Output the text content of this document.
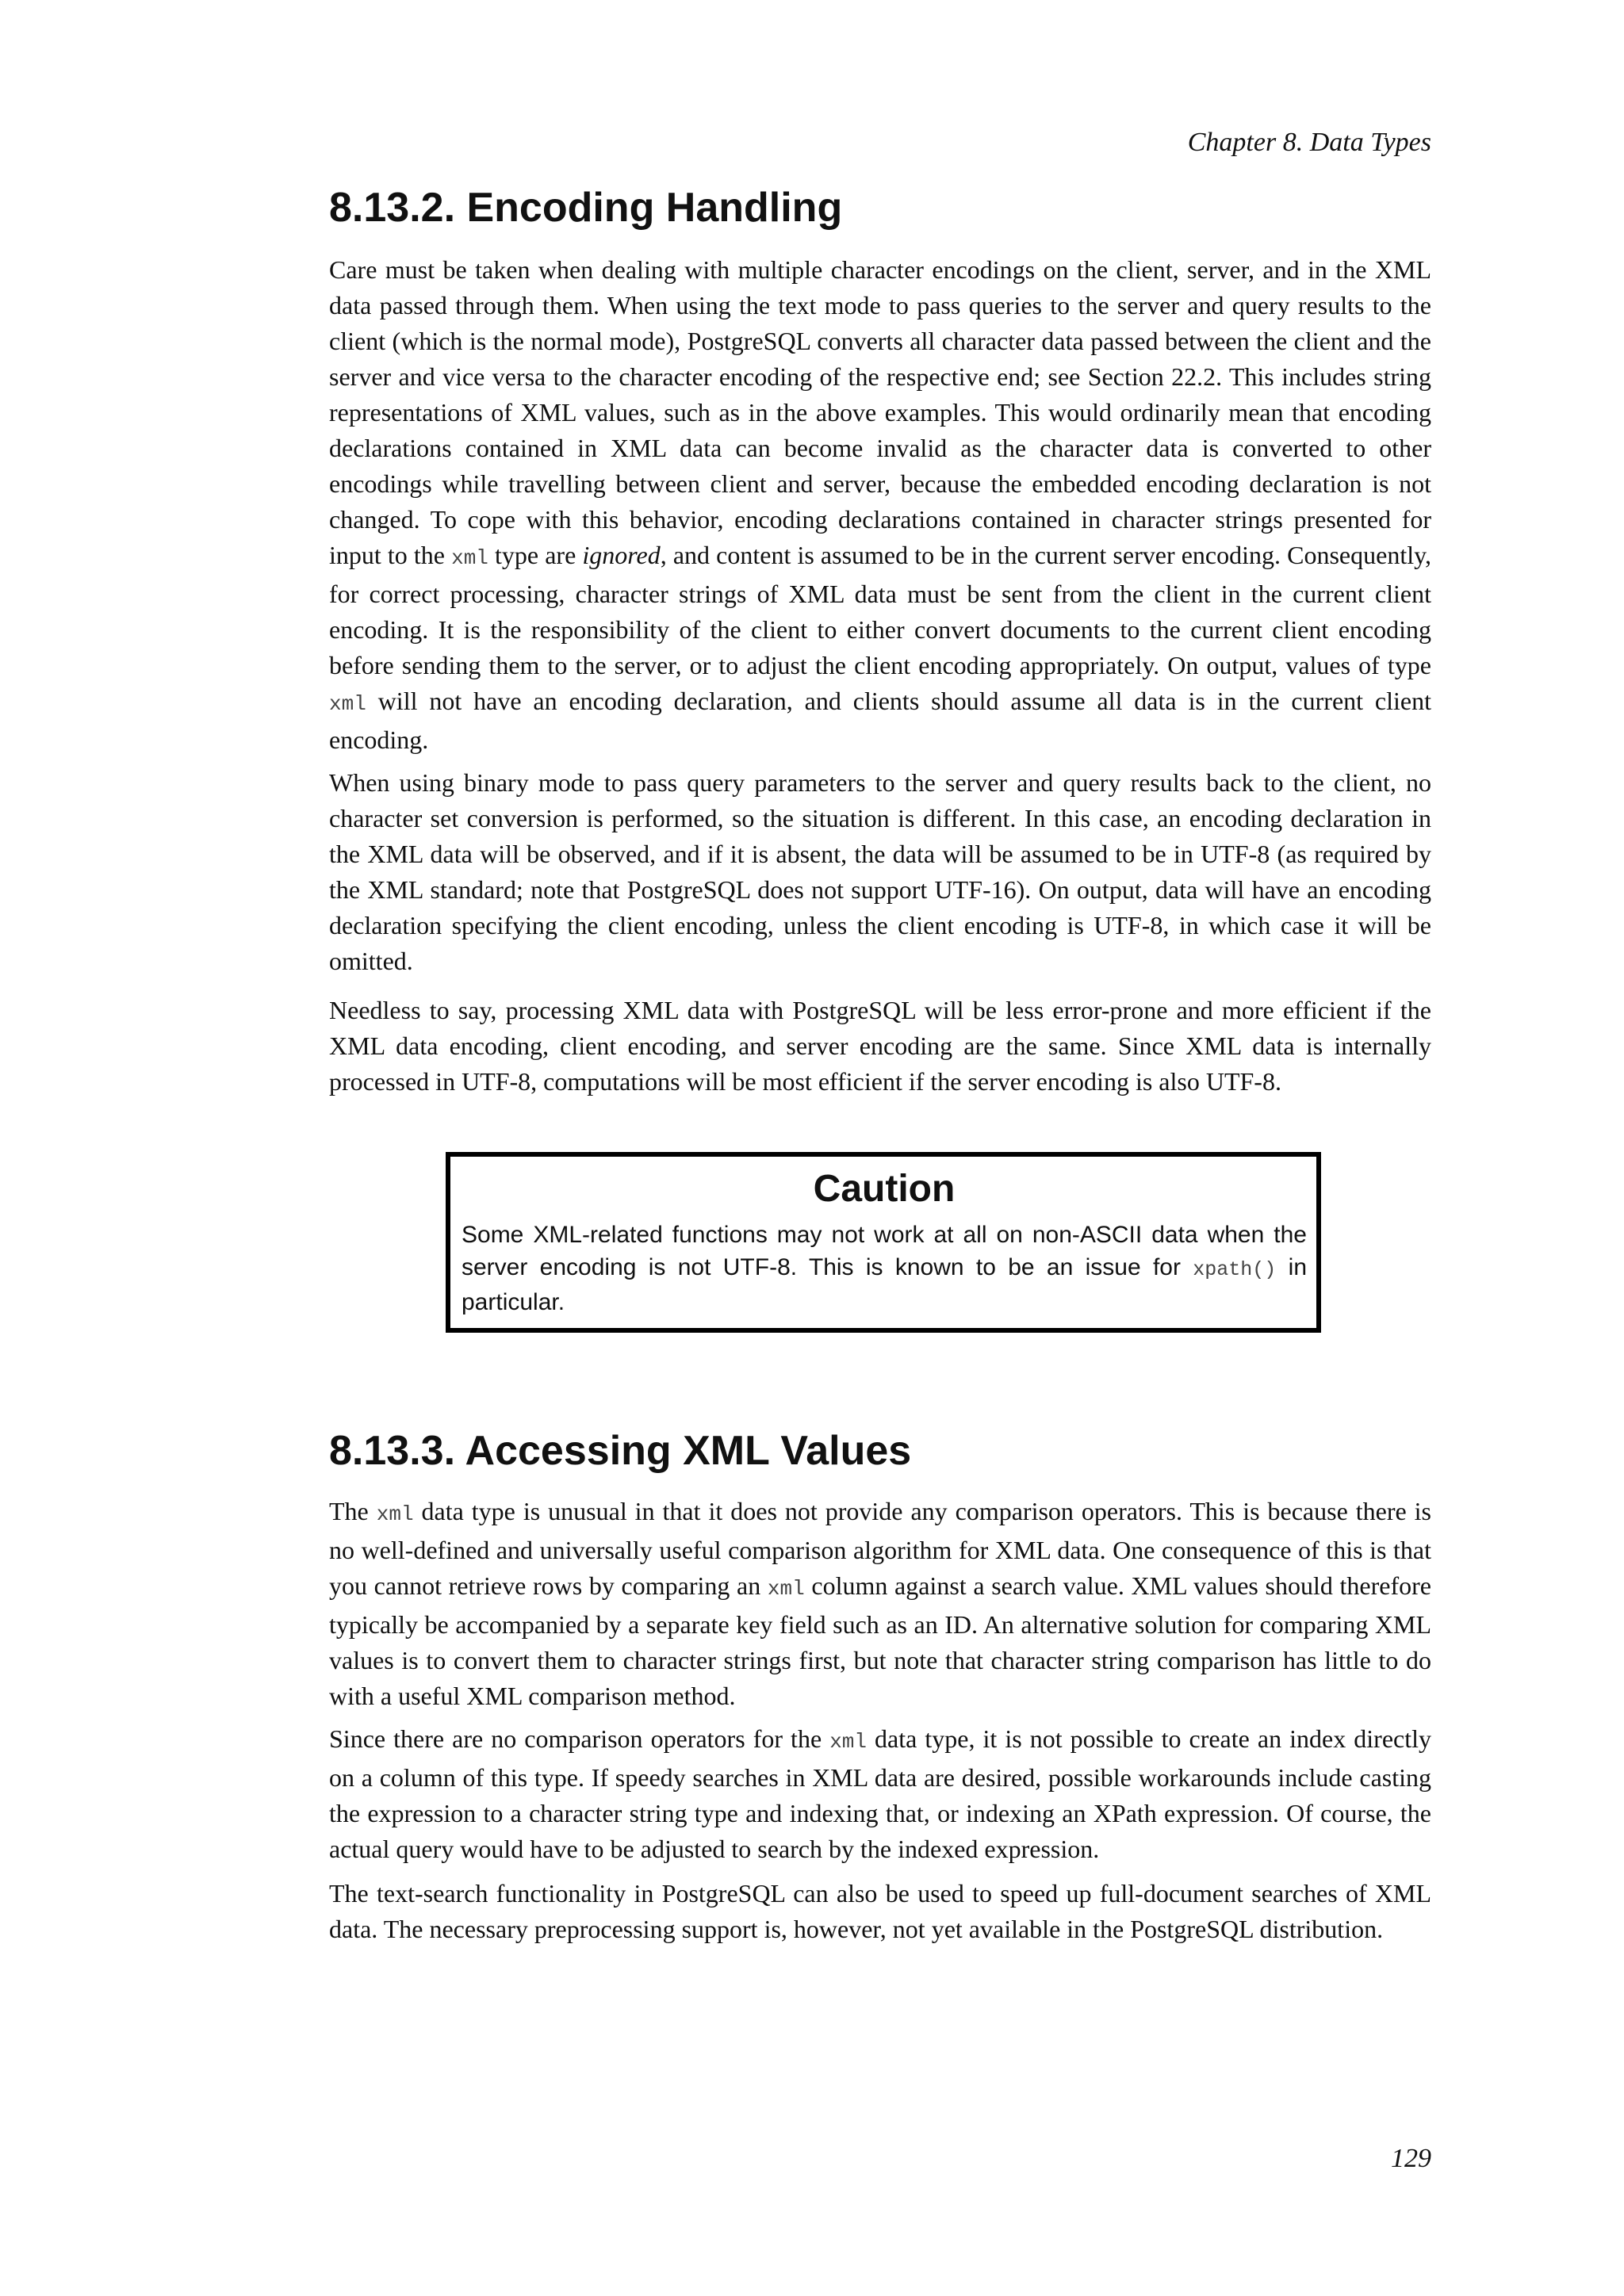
Chapter 8. Data Types
8.13.2. Encoding Handling

Care must be taken when dealing with multiple character encodings on the client, server, and in the XML data passed through them. When using the text mode to pass queries to the server and query results to the client (which is the normal mode), PostgreSQL converts all character data passed between the client and the server and vice versa to the character encoding of the respective end; see Section 22.2. This includes string representations of XML values, such as in the above examples. This would ordinarily mean that encoding declarations contained in XML data can become invalid as the character data is converted to other encodings while travelling between client and server, because the embedded encoding declaration is not changed. To cope with this behavior, encoding declarations contained in character strings presented for input to the xml type are ignored, and content is assumed to be in the current server encoding. Consequently, for correct processing, character strings of XML data must be sent from the client in the current client encoding. It is the responsibility of the client to either convert documents to the current client encoding before sending them to the server, or to adjust the client encoding appropriately. On output, values of type xml will not have an encoding declaration, and clients should assume all data is in the current client encoding.

When using binary mode to pass query parameters to the server and query results back to the client, no character set conversion is performed, so the situation is different. In this case, an encoding declaration in the XML data will be observed, and if it is absent, the data will be assumed to be in UTF-8 (as required by the XML standard; note that PostgreSQL does not support UTF-16). On output, data will have an encoding declaration specifying the client encoding, unless the client encoding is UTF-8, in which case it will be omitted.

Needless to say, processing XML data with PostgreSQL will be less error-prone and more efficient if the XML data encoding, client encoding, and server encoding are the same. Since XML data is internally processed in UTF-8, computations will be most efficient if the server encoding is also UTF-8.

Caution

Some XML-related functions may not work at all on non-ASCII data when the server encoding is not UTF-8. This is known to be an issue for xpath() in particular.

8.13.3. Accessing XML Values

The xml data type is unusual in that it does not provide any comparison operators. This is because there is no well-defined and universally useful comparison algorithm for XML data. One consequence of this is that you cannot retrieve rows by comparing an xml column against a search value. XML values should therefore typically be accompanied by a separate key field such as an ID. An alternative solution for comparing XML values is to convert them to character strings first, but note that character string comparison has little to do with a useful XML comparison method.

Since there are no comparison operators for the xml data type, it is not possible to create an index directly on a column of this type. If speedy searches in XML data are desired, possible workarounds include casting the expression to a character string type and indexing that, or indexing an XPath expression. Of course, the actual query would have to be adjusted to search by the indexed expression.

The text-search functionality in PostgreSQL can also be used to speed up full-document searches of XML data. The necessary preprocessing support is, however, not yet available in the PostgreSQL distribution.

129
